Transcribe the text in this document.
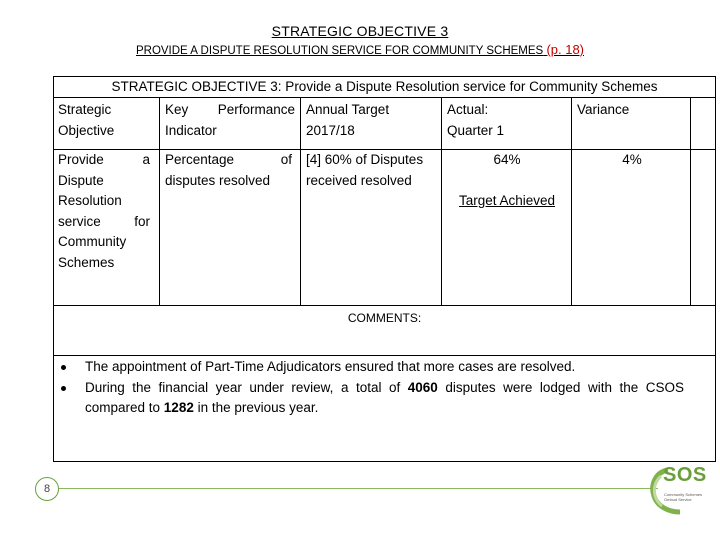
STRATEGIC OBJECTIVE 3
PROVIDE A DISPUTE RESOLUTION SERVICE FOR COMMUNITY SCHEMES (p. 18)
STRATEGIC OBJECTIVE 3: Provide a Dispute Resolution service for Community Schemes
Strategic
Objective
Key Performance
Indicator
Annual Target
2017/18
Actual:
Quarter 1
Variance
Provide a
Dispute
Resolution
service for
Community
Schemes
Percentage of
disputes resolved
[4] 60% of Disputes
received resolved
64%
Target Achieved
4%
COMMENTS:
The appointment of Part-Time Adjudicators ensured that more cases are resolved.
During the financial year under review, a total of 4060 disputes were lodged with the CSOS compared to 1282 in the previous year.
8
SOS
Community Schemes
Ombud Service
